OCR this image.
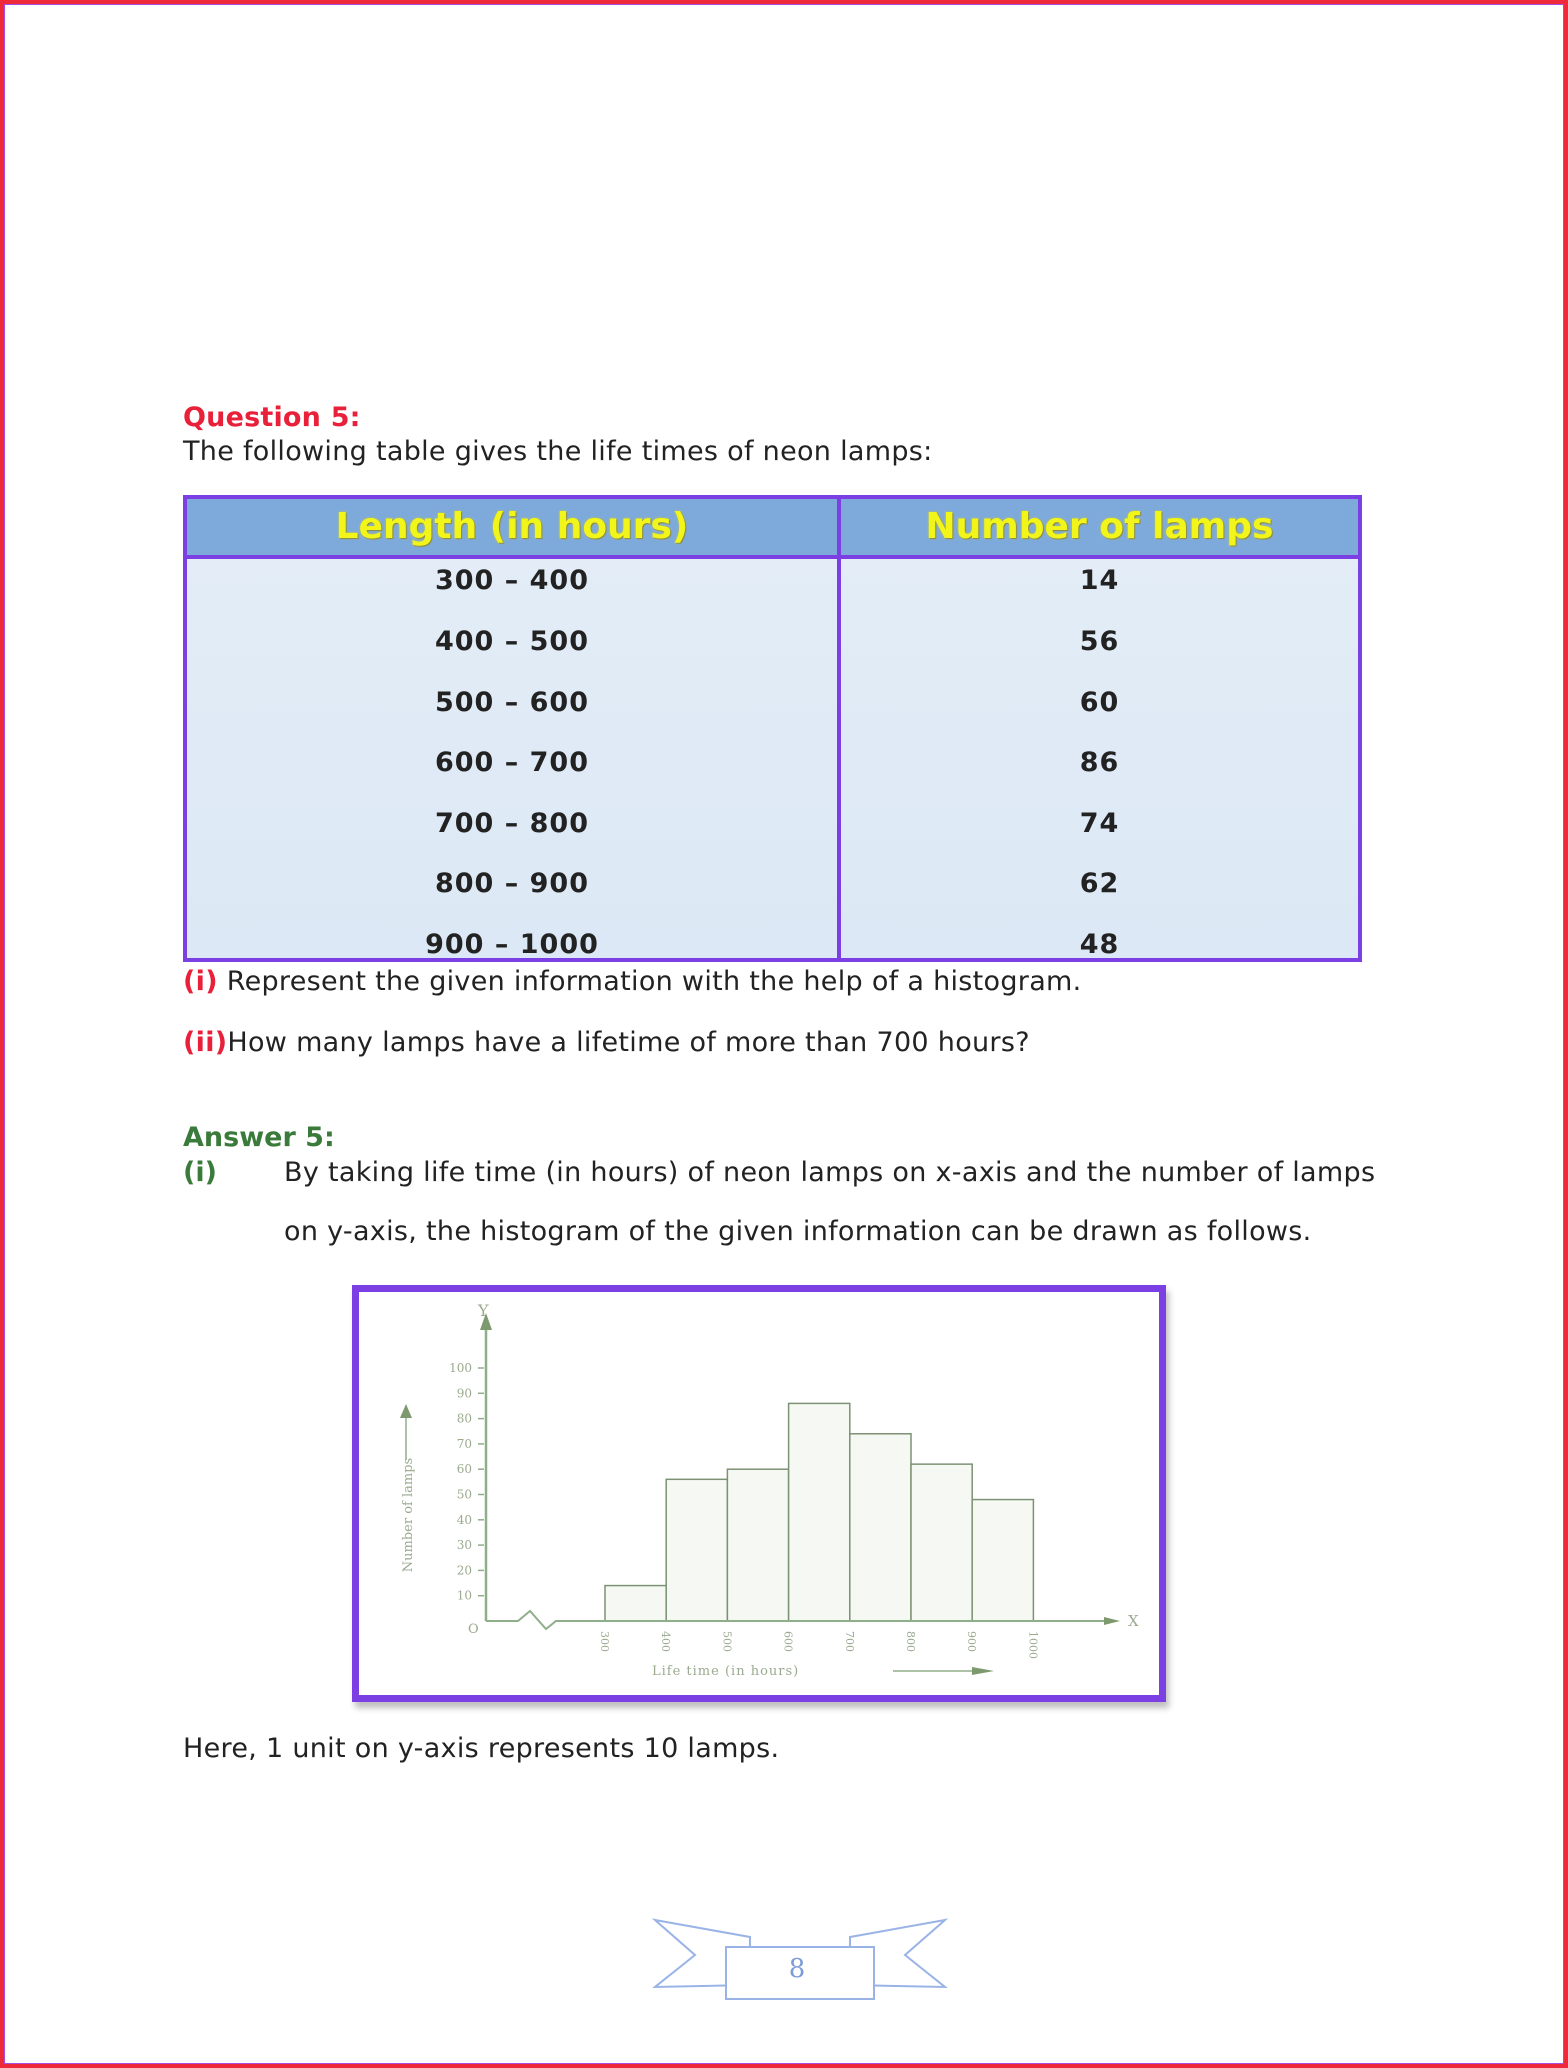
Question 5:
The following table gives the life times of neon lamps:
Length (in hours)	Number of lamps
300 – 400	14
400 – 500	56
500 – 600	60
600 – 700	86
700 – 800	74
800 – 900	62
900 – 1000	48
(i) Represent the given information with the help of a histogram.
(ii)How many lamps have a lifetime of more than 700 hours?
Answer 5:
(i) By taking life time (in hours) of neon lamps on x-axis and the number of lamps
on y-axis, the histogram of the given information can be drawn as follows.
Y
X
O
10
20
30
40
50
60
70
80
90
100
300	400	500	600	700	800	900	1000
Number of lamps
Life time (in hours)
Here, 1 unit on y-axis represents 10 lamps.
8
